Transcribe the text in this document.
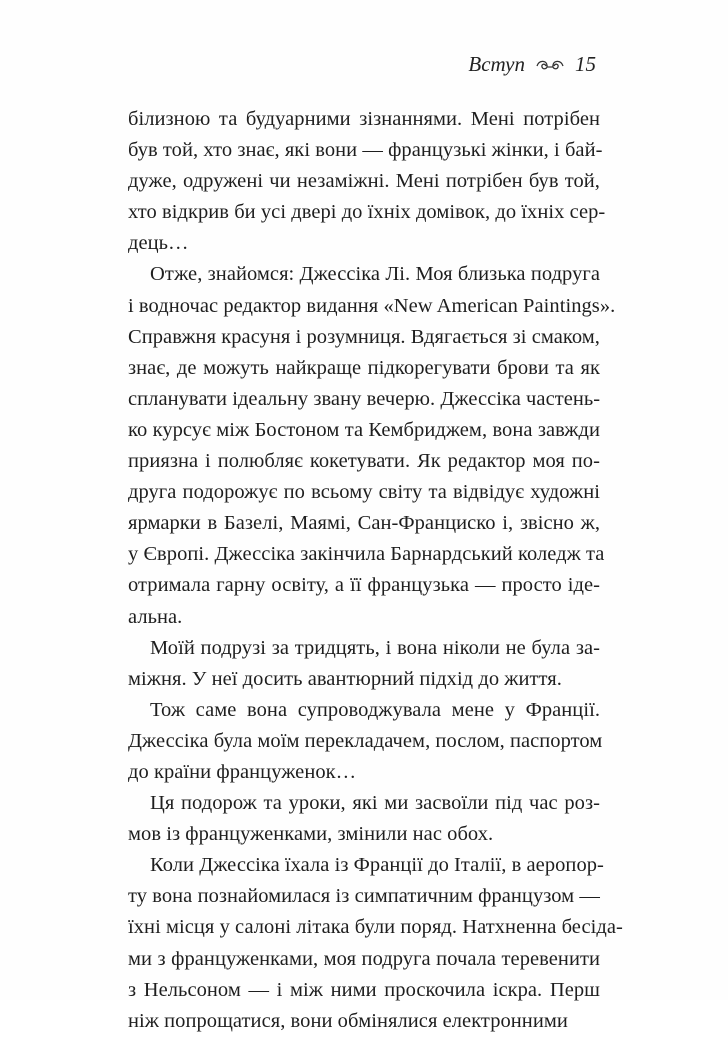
Вступ 15
білизною та будуарними зізнаннями. Мені потрібен
був той, хто знає, які вони — французькі жінки, і бай-
дуже, одружені чи незаміжні. Мені потрібен був той,
хто відкрив би усі двері до їхніх домівок, до їхніх сер-
дець…
Отже, знайомся: Джессіка Лі. Моя близька подруга
і водночас редактор видання «New American Paintings».
Справжня красуня і розумниця. Вдягається зі смаком,
знає, де можуть найкраще підкорегувати брови та як
спланувати ідеальну звану вечерю. Джессіка частень-
ко курсує між Бостоном та Кембриджем, вона завжди
приязна і полюбляє кокетувати. Як редактор моя по-
друга подорожує по всьому світу та відвідує художні
ярмарки в Базелі, Маямі, Сан-Франциско і, звісно ж,
у Європі. Джессіка закінчила Барнардський коледж та
отримала гарну освіту, а її французька — просто іде-
альна.
Моїй подрузі за тридцять, і вона ніколи не була за-
міжня. У неї досить авантюрний підхід до життя.
Тож саме вона супроводжувала мене у Франції.
Джессіка була моїм перекладачем, послом, паспортом
до країни француженок…
Ця подорож та уроки, які ми засвоїли під час роз-
мов із француженками, змінили нас обох.
Коли Джессіка їхала із Франції до Італії, в аеропор-
ту вона познайомилася із симпатичним французом —
їхні місця у салоні літака були поряд. Натхненна бесіда-
ми з француженками, моя подруга почала теревенити
з Нельсоном — і між ними проскочила іскра. Перш
ніж попрощатися, вони обмінялися електронними
